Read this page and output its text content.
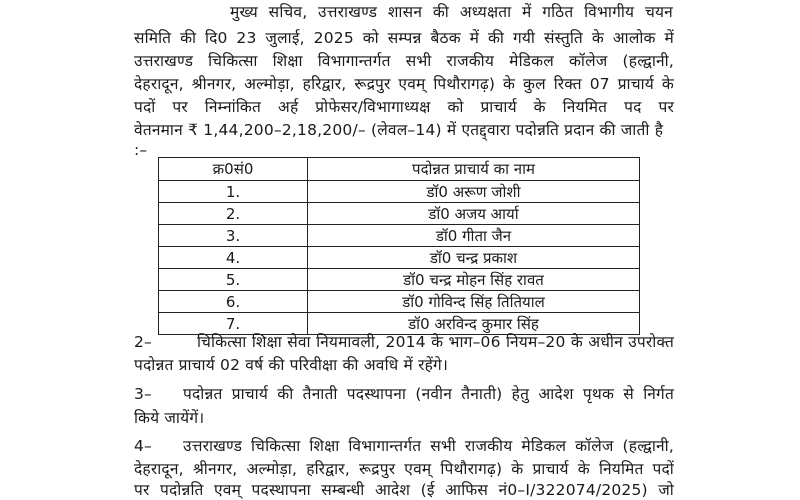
मुख्य सचिव, उत्तराखण्ड शासन की अध्यक्षता में गठित विभागीय चयन
समिति की दि0 23 जुलाई, 2025 को सम्पन्न बैठक में की गयी संस्तुति के आलोक में
उत्तराखण्ड चिकित्सा शिक्षा विभागान्तर्गत सभी राजकीय मेडिकल कॉलेज (हल्द्वानी,
देहरादून, श्रीनगर, अल्मोड़ा, हरिद्वार, रूद्रपुर एवम् पिथौरागढ़) के कुल रिक्त 07 प्राचार्य के
पदों पर निम्नांकित अर्ह प्रोफेसर/विभागाध्यक्ष को प्राचार्य के नियमित पद पर
वेतनमान ₹ 1,44,200–2,18,200/– (लेवल–14) में एतद्द्वारा पदोन्नति प्रदान की जाती है
:–
क्र0सं0	पदोन्नत प्राचार्य का नाम
1.	डॉ0 अरूण जोशी
2.	डॉ0 अजय आर्या
3.	डॉ0 गीता जैन
4.	डॉ0 चन्द्र प्रकाश
5.	डॉ0 चन्द्र मोहन सिंह रावत
6.	डॉ0 गोविन्द सिंह तितियाल
7.	डॉ0 अरविन्द कुमार सिंह
2–	चिकित्सा शिक्षा सेवा नियमावली, 2014 के भाग–06 नियम–20 के अधीन उपरोक्त
पदोन्नत प्राचार्य 02 वर्ष की परिवीक्षा की अवधि में रहेंगे।
3– पदोन्नत प्राचार्य की तैनाती पदस्थापना (नवीन तैनाती) हेतु आदेश पृथक से निर्गत
किये जायेंगें।
4– उत्तराखण्ड चिकित्सा शिक्षा विभागान्तर्गत सभी राजकीय मेडिकल कॉलेज (हल्द्वानी,
देहरादून, श्रीनगर, अल्मोड़ा, हरिद्वार, रूद्रपुर एवम् पिथौरागढ़) के प्राचार्य के नियमित पदों
पर पदोन्नति एवम् पदस्थापना सम्बन्धी आदेश (ई आफिस नं0–I/322074/2025) जो
